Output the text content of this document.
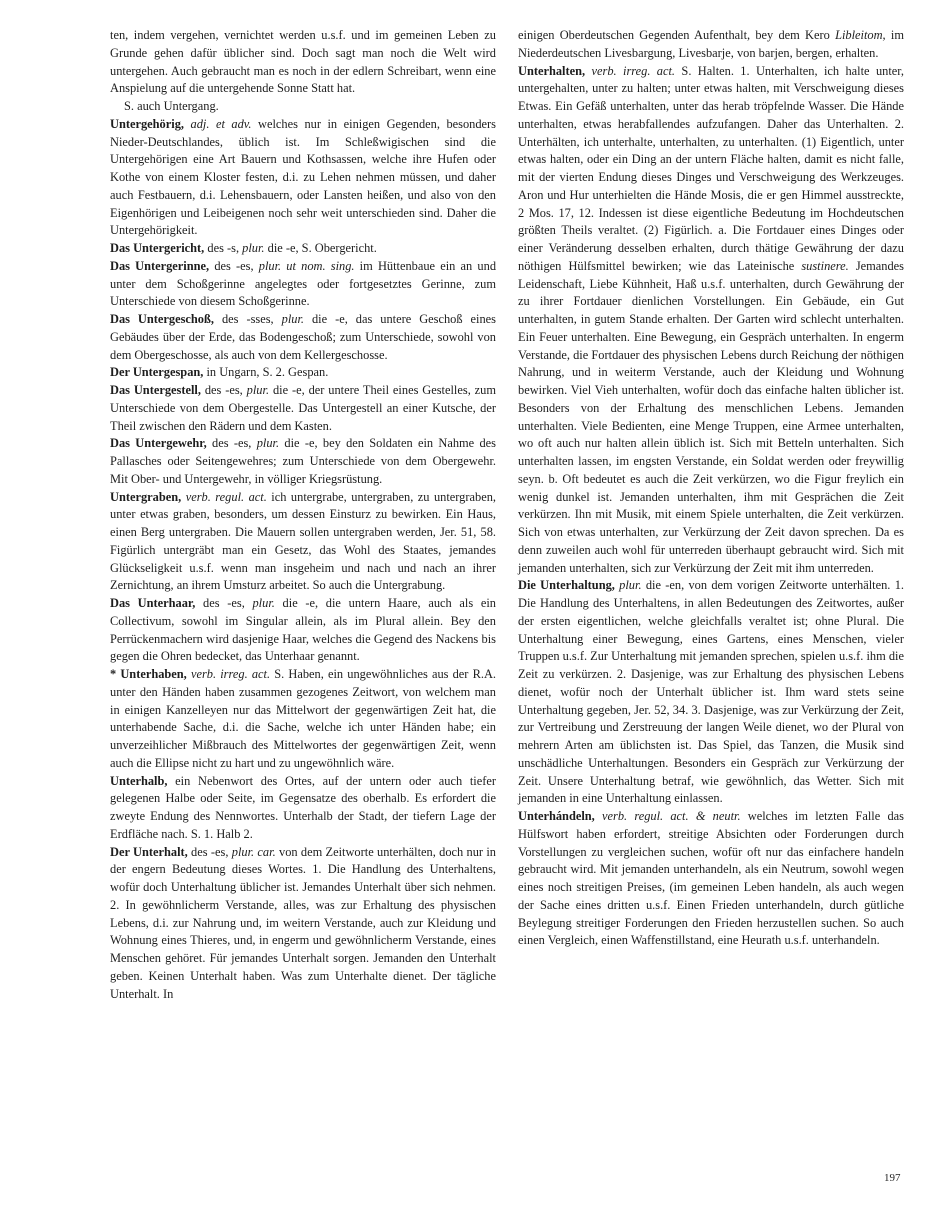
ten, indem vergehen, vernichtet werden u.s.f. und im gemeinen Leben zu Grunde gehen dafür üblicher sind. Doch sagt man noch die Welt wird untergehen. Auch gebraucht man es noch in der edlern Schreibart, wenn eine Anspielung auf die untergehende Sonne Statt hat.

S. auch Untergang.

Untergehörig, adj. et adv. welches nur in einigen Gegenden, besonders Nieder-Deutschlandes, üblich ist. Im Schleßwigischen sind die Untergehörigen eine Art Bauern und Kothsassen, welche ihre Hufen oder Kothe von einem Kloster festen, d.i. zu Lehen nehmen müssen, und daher auch Festbauern, d.i. Lehensbauern, oder Lansten heißen, und also von den Eigenhörigen und Leibeigenen noch sehr weit unterschieden sind. Daher die Untergehörigkeit.

Das Untergericht, des -s, plur. die -e, S. Obergericht.

Das Untergerinne, des -es, plur. ut nom. sing. im Hüttenbaue ein an und unter dem Schoßgerinne angelegtes oder fortgesetztes Gerinne, zum Unterschiede von diesem Schoßgerinne.

Das Untergeschoß, des -sses, plur. die -e, das untere Geschoß eines Gebäudes über der Erde, das Bodengeschoß; zum Unterschiede, sowohl von dem Obergeschosse, als auch von dem Kellergeschosse.

Der Untergespan, in Ungarn, S. 2. Gespan.

Das Untergestell, des -es, plur. die -e, der untere Theil eines Gestelles, zum Unterschiede von dem Obergestelle. Das Untergestell an einer Kutsche, der Theil zwischen den Rädern und dem Kasten.

Das Untergewehr, des -es, plur. die -e, bey den Soldaten ein Nahme des Pallasches oder Seitengewehres; zum Unterschiede von dem Obergewehr. Mit Ober- und Untergewehr, in völliger Kriegsrüstung.

Untergraben, verb. regul. act. ich untergrabe, untergraben, zu untergraben, unter etwas graben, besonders, um dessen Einsturz zu bewirken. Ein Haus, einen Berg untergraben. Die Mauern sollen untergraben werden, Jer. 51, 58. Figürlich untergräbt man ein Gesetz, das Wohl des Staates, jemandes Glückseligkeit u.s.f. wenn man insgeheim und nach und nach an ihrer Zernichtung, an ihrem Umsturz arbeitet. So auch die Untergrabung.

Das Unterhaar, des -es, plur. die -e, die untern Haare, auch als ein Collectivum, sowohl im Singular allein, als im Plural allein. Bey den Perrückenmachern wird dasjenige Haar, welches die Gegend des Nackens bis gegen die Ohren bedecket, das Unterhaar genannt.

* Unterhaben, verb. irreg. act. S. Haben, ein ungewöhnliches aus der R.A. unter den Händen haben zusammen gezogenes Zeitwort, von welchem man in einigen Kanzelleyen nur das Mittelwort der gegenwärtigen Zeit hat, die unterhabende Sache, d.i. die Sache, welche ich unter Händen habe; ein unverzeihlicher Mißbrauch des Mittelwortes der gegenwärtigen Zeit, wenn auch die Ellipse nicht zu hart und zu ungewöhnlich wäre.

Unterhalb, ein Nebenwort des Ortes, auf der untern oder auch tiefer gelegenen Halbe oder Seite, im Gegensatze des oberhalb. Es erfordert die zweyte Endung des Nennwortes. Unterhalb der Stadt, der tiefern Lage der Erdfläche nach. S. 1. Halb 2.

Der Unterhalt, des -es, plur. car. von dem Zeitworte unterhälten, doch nur in der engern Bedeutung dieses Wortes. 1. Die Handlung des Unterhaltens, wofür doch Unterhaltung üblicher ist. Jemandes Unterhalt über sich nehmen. 2. In gewöhnlicherm Verstande, alles, was zur Erhaltung des physischen Lebens, d.i. zur Nahrung und, im weitern Verstande, auch zur Kleidung und Wohnung eines Thieres, und, in engerm und gewöhnlicherm Verstande, eines Menschen gehöret. Für jemandes Unterhalt sorgen. Jemanden den Unterhalt geben. Keinen Unterhalt haben. Was zum Unterhalte dienet. Der tägliche Unterhalt. In

einigen Oberdeutschen Gegenden Aufenthalt, bey dem Kero Libleitom, im Niederdeutschen Livesbargung, Livesbarje, von barjen, bergen, erhalten.

Unterhalten, verb. irreg. act. S. Halten. 1. Unterhalten, ich halte unter, untergehalten, unter zu halten; unter etwas halten, mit Verschweigung dieses Etwas. Ein Gefäß unterhalten, unter das herab tröpfelnde Wasser. Die Hände unterhalten, etwas herabfallendes aufzufangen. Daher das Unterhalten. 2. Unterhälten, ich unterhalte, unterhalten, zu unterhalten. (1) Eigentlich, unter etwas halten, oder ein Ding an der untern Fläche halten, damit es nicht falle, mit der vierten Endung dieses Dinges und Verschweigung des Werkzeuges. Aron und Hur unterhielten die Hände Mosis, die er gen Himmel ausstreckte, 2 Mos. 17, 12. Indessen ist diese eigentliche Bedeutung im Hochdeutschen größten Theils veraltet. (2) Figürlich. a. Die Fortdauer eines Dinges oder einer Veränderung desselben erhalten, durch thätige Gewährung der dazu nöthigen Hülfsmittel bewirken; wie das Lateinische sustinere. Jemandes Leidenschaft, Liebe Kühnheit, Haß u.s.f. unterhalten, durch Gewährung der zu ihrer Fortdauer dienlichen Vorstellungen. Ein Gebäude, ein Gut unterhalten, in gutem Stande erhalten. Der Garten wird schlecht unterhalten. Ein Feuer unterhalten. Eine Bewegung, ein Gespräch unterhalten. In engerm Verstande, die Fortdauer des physischen Lebens durch Reichung der nöthigen Nahrung, und in weiterm Verstande, auch der Kleidung und Wohnung bewirken. Viel Vieh unterhalten, wofür doch das einfache halten üblicher ist. Besonders von der Erhaltung des menschlichen Lebens. Jemanden unterhalten. Viele Bedienten, eine Menge Truppen, eine Armee unterhalten, wo oft auch nur halten allein üblich ist. Sich mit Betteln unterhalten. Sich unterhalten lassen, im engsten Verstande, ein Soldat werden oder freywillig seyn. b. Oft bedeutet es auch die Zeit verkürzen, wo die Figur freylich ein wenig dunkel ist. Jemanden unterhalten, ihm mit Gesprächen die Zeit verkürzen. Ihn mit Musik, mit einem Spiele unterhalten, die Zeit verkürzen. Sich von etwas unterhalten, zur Verkürzung der Zeit davon sprechen. Da es denn zuweilen auch wohl für unterreden überhaupt gebraucht wird. Sich mit jemanden unterhalten, sich zur Verkürzung der Zeit mit ihm unterreden.

Die Unterhaltung, plur. die -en, von dem vorigen Zeitworte unterhälten. 1. Die Handlung des Unterhaltens, in allen Bedeutungen des Zeitwortes, außer der ersten eigentlichen, welche gleichfalls veraltet ist; ohne Plural. Die Unterhaltung einer Bewegung, eines Gartens, eines Menschen, vieler Truppen u.s.f. Zur Unterhaltung mit jemanden sprechen, spielen u.s.f. ihm die Zeit zu verkürzen. 2. Dasjenige, was zur Erhaltung des physischen Lebens dienet, wofür noch der Unterhalt üblicher ist. Ihm ward stets seine Unterhaltung gegeben, Jer. 52, 34. 3. Dasjenige, was zur Verkürzung der Zeit, zur Vertreibung und Zerstreuung der langen Weile dienet, wo der Plural von mehrern Arten am üblichsten ist. Das Spiel, das Tanzen, die Musik sind unschädliche Unterhaltungen. Besonders ein Gespräch zur Verkürzung der Zeit. Unsere Unterhaltung betraf, wie gewöhnlich, das Wetter. Sich mit jemanden in eine Unterhaltung einlassen.

Unterhándeln, verb. regul. act. & neutr. welches im letzten Falle das Hülfswort haben erfordert, streitige Absichten oder Forderungen durch Vorstellungen zu vergleichen suchen, wofür oft nur das einfachere handeln gebraucht wird. Mit jemanden unterhandeln, als ein Neutrum, sowohl wegen eines noch streitigen Preises, (im gemeinen Leben handeln, als auch wegen der Sache eines dritten u.s.f. Einen Frieden unterhandeln, durch gütliche Beylegung streitiger Forderungen den Frieden herzustellen suchen. So auch einen Vergleich, einen Waffenstillstand, eine Heurath u.s.f. unterhandeln.

197
